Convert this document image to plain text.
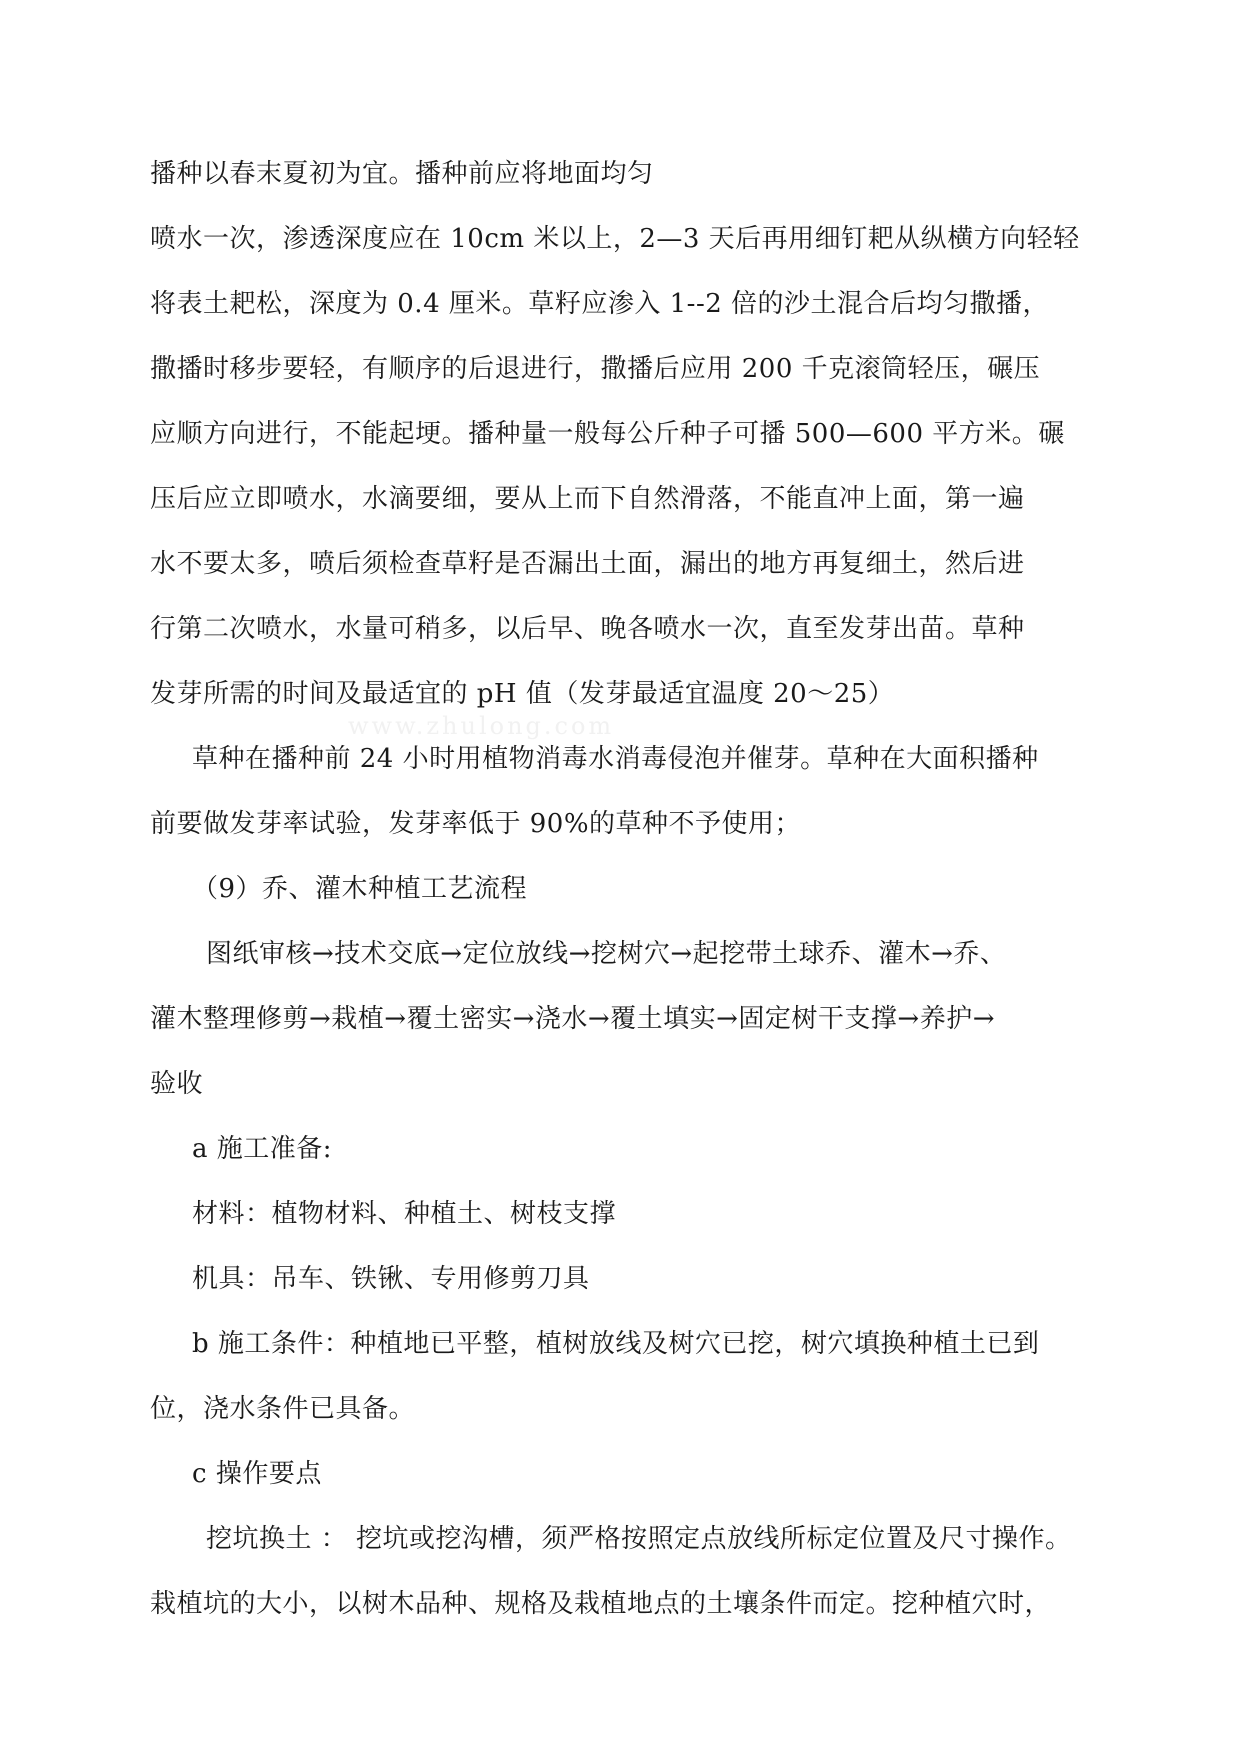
播种以春末夏初为宜。播种前应将地面均匀
喷水一次，渗透深度应在 10cm 米以上，2—3 天后再用细钉耙从纵横方向轻轻
将表土耙松，深度为 0.4 厘米。草籽应渗入 1--2 倍的沙土混合后均匀撒播，
撒播时移步要轻，有顺序的后退进行，撒播后应用 200 千克滚筒轻压，碾压
应顺方向进行，不能起埂。播种量一般每公斤种子可播 500—600 平方米。碾
压后应立即喷水，水滴要细，要从上而下自然滑落，不能直冲上面，第一遍
水不要太多，喷后须检查草籽是否漏出土面，漏出的地方再复细土，然后进
行第二次喷水，水量可稍多，以后早、晚各喷水一次，直至发芽出苗。草种
发芽所需的时间及最适宜的 pH 值（发芽最适宜温度 20～25）
草种在播种前 24 小时用植物消毒水消毒侵泡并催芽。草种在大面积播种
前要做发芽率试验，发芽率低于 90%的草种不予使用；
（9）乔、灌木种植工艺流程
图纸审核→技术交底→定位放线→挖树穴→起挖带土球乔、灌木→乔、
灌木整理修剪→栽植→覆土密实→浇水→覆土填实→固定树干支撑→养护→
验收
a 施工准备:
材料：植物材料、种植土、树枝支撑
机具：吊车、铁锹、专用修剪刀具
b 施工条件：种植地已平整，植树放线及树穴已挖，树穴填换种植土已到
位，浇水条件已具备。
c 操作要点
挖坑换土 ： 挖坑或挖沟槽，须严格按照定点放线所标定位置及尺寸操作。
栽植坑的大小，以树木品种、规格及栽植地点的土壤条件而定。挖种植穴时，
www.zhulong.com
